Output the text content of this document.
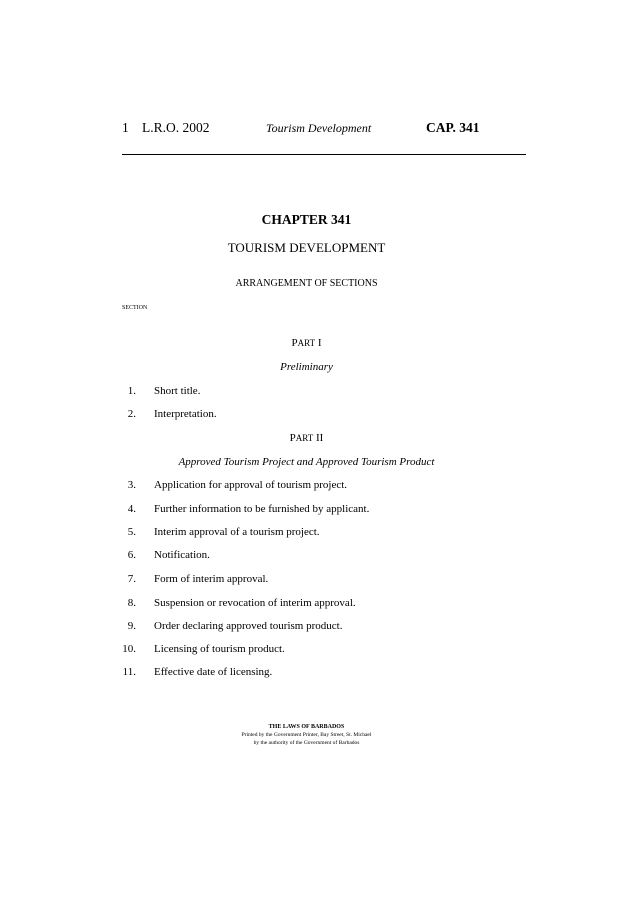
1 L.R.O. 2002	Tourism Development	CAP. 341
CHAPTER 341
TOURISM DEVELOPMENT
ARRANGEMENT OF SECTIONS
SECTION
PART I
Preliminary
1. Short title.
2. Interpretation.
PART II
Approved Tourism Project and Approved Tourism Product
3. Application for approval of tourism project.
4. Further information to be furnished by applicant.
5. Interim approval of a tourism project.
6. Notification.
7. Form of interim approval.
8. Suspension or revocation of interim approval.
9. Order declaring approved tourism product.
10. Licensing of tourism product.
11. Effective date of licensing.
THE LAWS OF BARBADOS
Printed by the Government Printer, Bay Street, St. Michael
by the authority of the Government of Barbados
